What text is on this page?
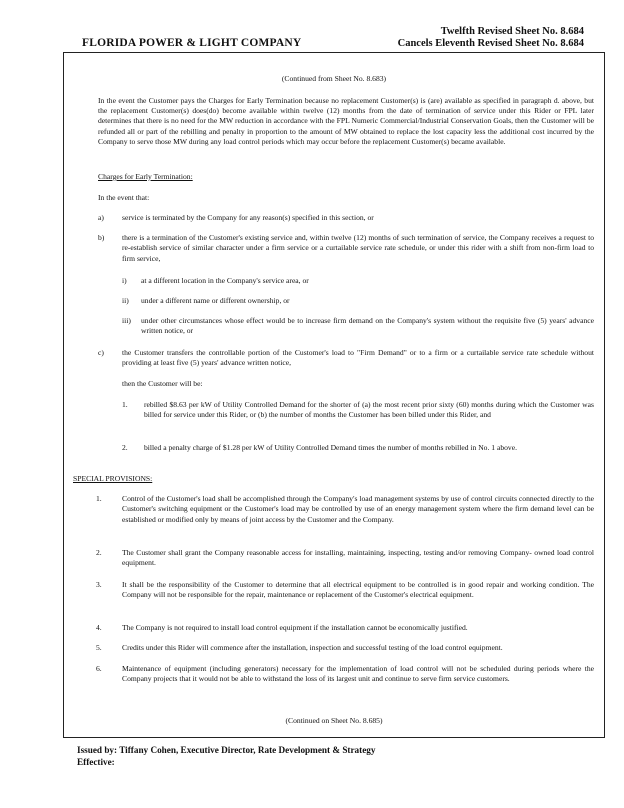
FLORIDA POWER & LIGHT COMPANY
Twelfth Revised Sheet No. 8.684
Cancels Eleventh Revised Sheet No. 8.684
(Continued from Sheet No. 8.683)
In the event the Customer pays the Charges for Early Termination because no replacement Customer(s) is (are) available as specified in paragraph d. above, but the replacement Customer(s) does(do) become available within twelve (12) months from the date of termination of service under this Rider or FPL later determines that there is no need for the MW reduction in accordance with the FPL Numeric Commercial/Industrial Conservation Goals, then the Customer will be refunded all or part of the rebilling and penalty in proportion to the amount of MW obtained to replace the lost capacity less the additional cost incurred by the Company to serve those MW during any load control periods which may occur before the replacement Customer(s) became available.
Charges for Early Termination:
In the event that:
a) service is terminated by the Company for any reason(s) specified in this section, or
b) there is a termination of the Customer's existing service and, within twelve (12) months of such termination of service, the Company receives a request to re-establish service of similar character under a firm service or a curtailable service rate schedule, or under this rider with a shift from non-firm load to firm service,
i) at a different location in the Company's service area, or
ii) under a different name or different ownership, or
iii) under other circumstances whose effect would be to increase firm demand on the Company's system without the requisite five (5) years' advance written notice, or
c) the Customer transfers the controllable portion of the Customer's load to "Firm Demand" or to a firm or a curtailable service rate schedule without providing at least five (5) years' advance written notice,
then the Customer will be:
1. rebilled $8.63 per kW of Utility Controlled Demand for the shorter of (a) the most recent prior sixty (60) months during which the Customer was billed for service under this Rider, or (b) the number of months the Customer has been billed under this Rider, and
2. billed a penalty charge of $1.28 per kW of Utility Controlled Demand times the number of months rebilled in No. 1 above.
SPECIAL PROVISIONS:
1.	Control of the Customer's load shall be accomplished through the Company's load management systems by use of control circuits connected directly to the Customer's switching equipment or the Customer's load may be controlled by use of an energy management system where the firm demand level can be established or modified only by means of joint access by the Customer and the Company.
2.	The Customer shall grant the Company reasonable access for installing, maintaining, inspecting, testing and/or removing Company- owned load control equipment.
3.	It shall be the responsibility of the Customer to determine that all electrical equipment to be controlled is in good repair and working condition. The Company will not be responsible for the repair, maintenance or replacement of the Customer's electrical equipment.
4.	The Company is not required to install load control equipment if the installation cannot be economically justified.
5.	Credits under this Rider will commence after the installation, inspection and successful testing of the load control equipment.
6.	Maintenance of equipment (including generators) necessary for the implementation of load control will not be scheduled during periods where the Company projects that it would not be able to withstand the loss of its largest unit and continue to serve firm service customers.
(Continued on Sheet No. 8.685)
Issued by: Tiffany Cohen, Executive Director, Rate Development & Strategy
Effective:
